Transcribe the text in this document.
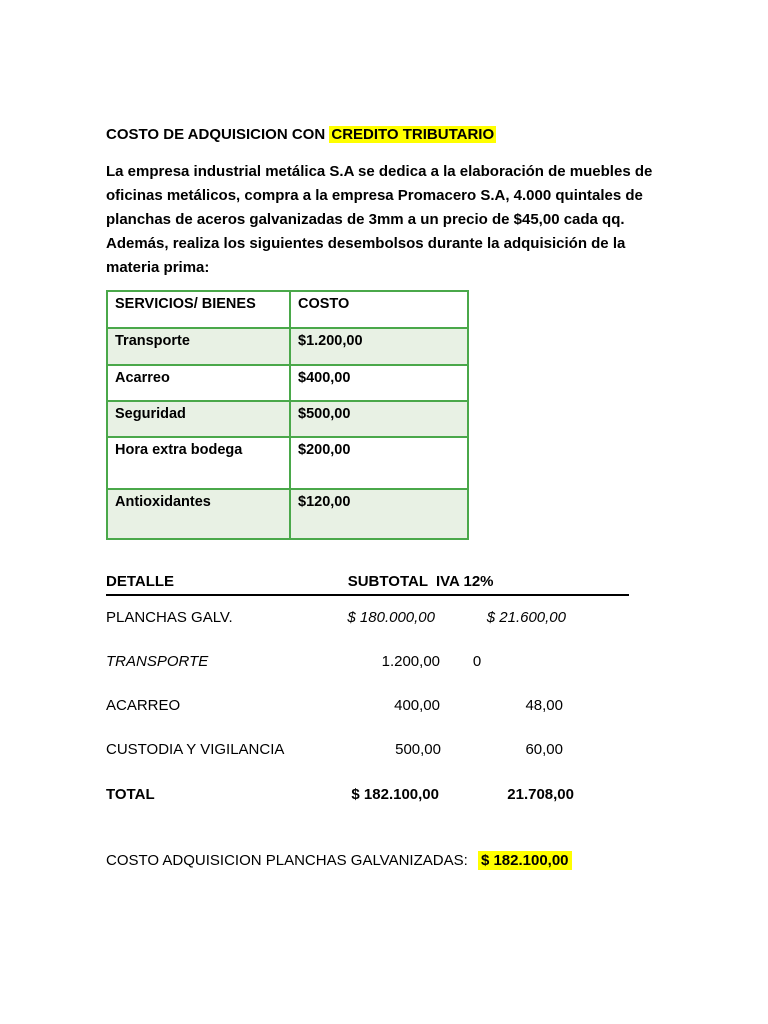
COSTO DE ADQUISICION CON CREDITO TRIBUTARIO
La empresa industrial metálica S.A se dedica a la elaboración de muebles de
oficinas metálicos, compra a la empresa Promacero S.A, 4.000 quintales de
planchas de aceros galvanizadas de 3mm a un precio de $45,00 cada qq.
Además, realiza los siguientes desembolsos durante la adquisición de la
materia prima:
SERVICIOS/ BIENES	COSTO
Transporte	$1.200,00
Acarreo	$400,00
Seguridad	$500,00
Hora extra bodega	$200,00
Antioxidantes	$120,00
DETALLE	SUBTOTAL IVA 12%
PLANCHAS GALV.	$ 180.000,00	$ 21.600,00
TRANSPORTE	1.200,00	0
ACARREO	400,00	48,00
CUSTODIA Y VIGILANCIA	500,00	60,00
TOTAL	$ 182.100,00	21.708,00
COSTO ADQUISICION PLANCHAS GALVANIZADAS: $ 182.100,00
